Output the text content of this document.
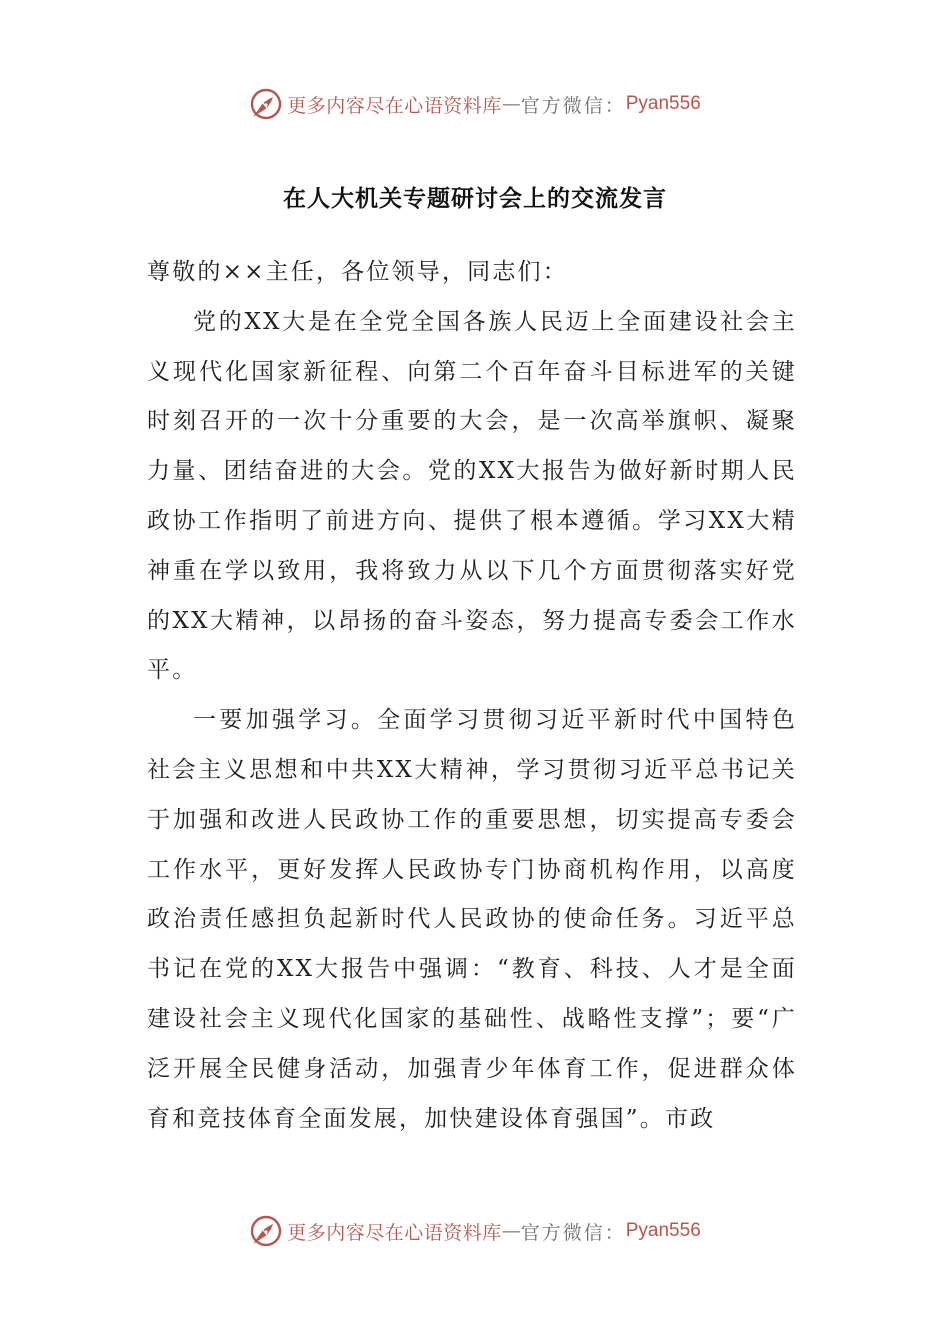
更多内容尽在心语资料库 — 官方微信： Pyan556
在人大机关专题研讨会上的交流发言

尊敬的××主任，各位领导，同志们：

党的XX大是在全党全国各族人民迈上全面建设社会主义现代化国家新征程、向第二个百年奋斗目标进军的关键时刻召开的一次十分重要的大会，是一次高举旗帜、凝聚力量、团结奋进的大会。党的XX大报告为做好新时期人民政协工作指明了前进方向、提供了根本遵循。学习XX大精神重在学以致用，我将致力从以下几个方面贯彻落实好党的XX大精神，以昂扬的奋斗姿态，努力提高专委会工作水平。

一要加强学习。全面学习贯彻习近平新时代中国特色社会主义思想和中共XX大精神，学习贯彻习近平总书记关于加强和改进人民政协工作的重要思想，切实提高专委会工作水平，更好发挥人民政协专门协商机构作用，以高度政治责任感担负起新时代人民政协的使命任务。习近平总书记在党的XX大报告中强调：“教育、科技、人才是全面建设社会主义现代化国家的基础性、战略性支撑”；要“广泛开展全民健身活动，加强青少年体育工作，促进群众体育和竞技体育全面发展，加快建设体育强国”。市政

更多内容尽在心语资料库 — 官方微信： Pyan556
